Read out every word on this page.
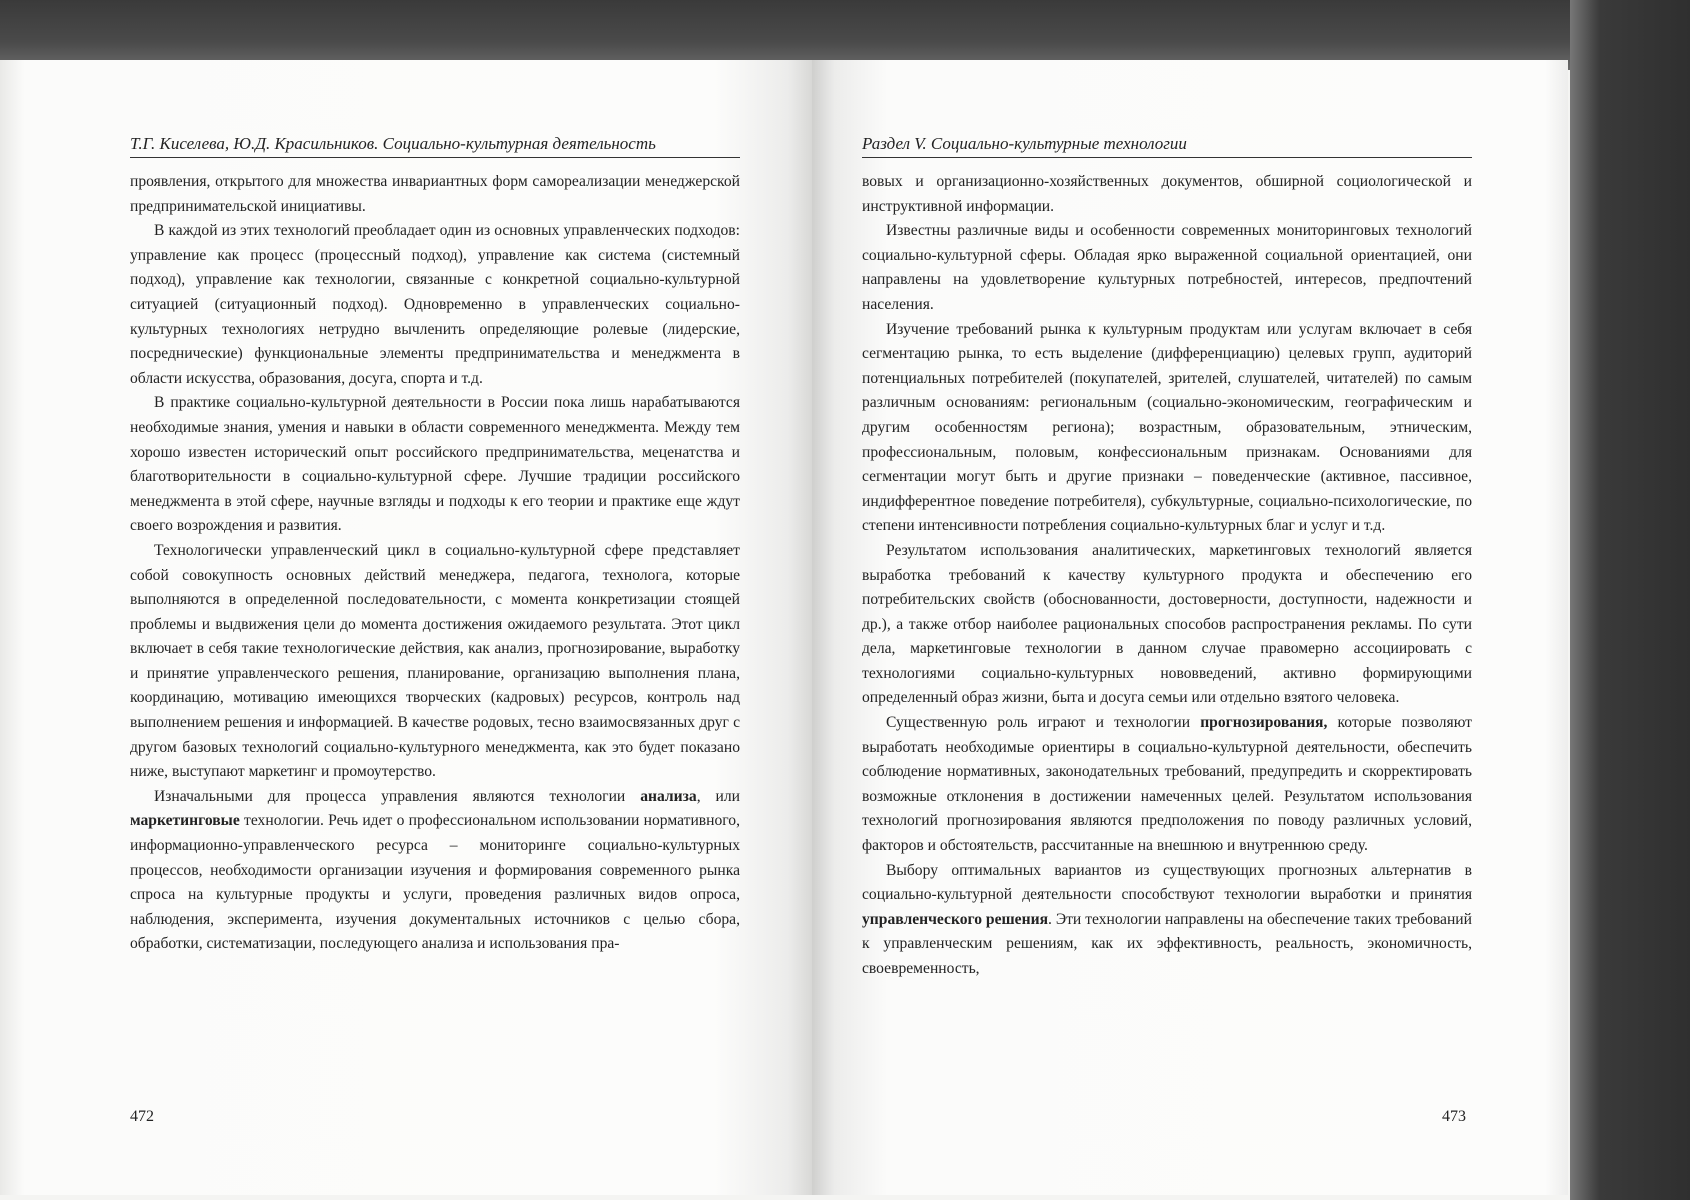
Т.Г. Киселева, Ю.Д. Красильников. Социально-культурная деятельность

проявления, открытого для множества инвариантных форм самореализации менеджерской предпринимательской инициативы.

В каждой из этих технологий преобладает один из основных управленческих подходов: управление как процесс (процессный подход), управление как система (системный подход), управление как технологии, связанные с конкретной социально-культурной ситуацией (ситуационный подход). Одновременно в управленческих социально-культурных технологиях нетрудно вычленить определяющие ролевые (лидерские, посреднические) функциональные элементы предпринимательства и менеджмента в области искусства, образования, досуга, спорта и т.д.

В практике социально-культурной деятельности в России пока лишь нарабатываются необходимые знания, умения и навыки в области современного менеджмента. Между тем хорошо известен исторический опыт российского предпринимательства, меценатства и благотворительности в социально-культурной сфере. Лучшие традиции российского менеджмента в этой сфере, научные взгляды и подходы к его теории и практике еще ждут своего возрождения и развития.

Технологически управленческий цикл в социально-культурной сфере представляет собой совокупность основных действий менеджера, педагога, технолога, которые выполняются в определенной последовательности, с момента конкретизации стоящей проблемы и выдвижения цели до момента достижения ожидаемого результата. Этот цикл включает в себя такие технологические действия, как анализ, прогнозирование, выработку и принятие управленческого решения, планирование, организацию выполнения плана, координацию, мотивацию имеющихся творческих (кадровых) ресурсов, контроль над выполнением решения и информацией. В качестве родовых, тесно взаимосвязанных друг с другом базовых технологий социально-культурного менеджмента, как это будет показано ниже, выступают маркетинг и промоутерство.

Изначальными для процесса управления являются технологии анализа, или маркетинговые технологии. Речь идет о профессиональном использовании нормативного, информационно-управленческого ресурса – мониторинге социально-культурных процессов, необходимости организации изучения и формирования современного рынка спроса на культурные продукты и услуги, проведения различных видов опроса, наблюдения, эксперимента, изучения документальных источников с целью сбора, обработки, систематизации, последующего анализа и использования пра-

472
Раздел V. Социально-культурные технологии

вовых и организационно-хозяйственных документов, обширной социологической и инструктивной информации.

Известны различные виды и особенности современных мониторинговых технологий социально-культурной сферы. Обладая ярко выраженной социальной ориентацией, они направлены на удовлетворение культурных потребностей, интересов, предпочтений населения.

Изучение требований рынка к культурным продуктам или услугам включает в себя сегментацию рынка, то есть выделение (дифференциацию) целевых групп, аудиторий потенциальных потребителей (покупателей, зрителей, слушателей, читателей) по самым различным основаниям: региональным (социально-экономическим, географическим и другим особенностям региона); возрастным, образовательным, этническим, профессиональным, половым, конфессиональным признакам. Основаниями для сегментации могут быть и другие признаки – поведенческие (активное, пассивное, индифферентное поведение потребителя), субкультурные, социально-психологические, по степени интенсивности потребления социально-культурных благ и услуг и т.д.

Результатом использования аналитических, маркетинговых технологий является выработка требований к качеству культурного продукта и обеспечению его потребительских свойств (обоснованности, достоверности, доступности, надежности и др.), а также отбор наиболее рациональных способов распространения рекламы. По сути дела, маркетинговые технологии в данном случае правомерно ассоциировать с технологиями социально-культурных нововведений, активно формирующими определенный образ жизни, быта и досуга семьи или отдельно взятого человека.

Существенную роль играют и технологии прогнозирования, которые позволяют выработать необходимые ориентиры в социально-культурной деятельности, обеспечить соблюдение нормативных, законодательных требований, предупредить и скорректировать возможные отклонения в достижении намеченных целей. Результатом использования технологий прогнозирования являются предположения по поводу различных условий, факторов и обстоятельств, рассчитанные на внешнюю и внутреннюю среду.

Выбору оптимальных вариантов из существующих прогнозных альтернатив в социально-культурной деятельности способствуют технологии выработки и принятия управленческого решения. Эти технологии направлены на обеспечение таких требований к управленческим решениям, как их эффективность, реальность, экономичность, своевременность,

473
